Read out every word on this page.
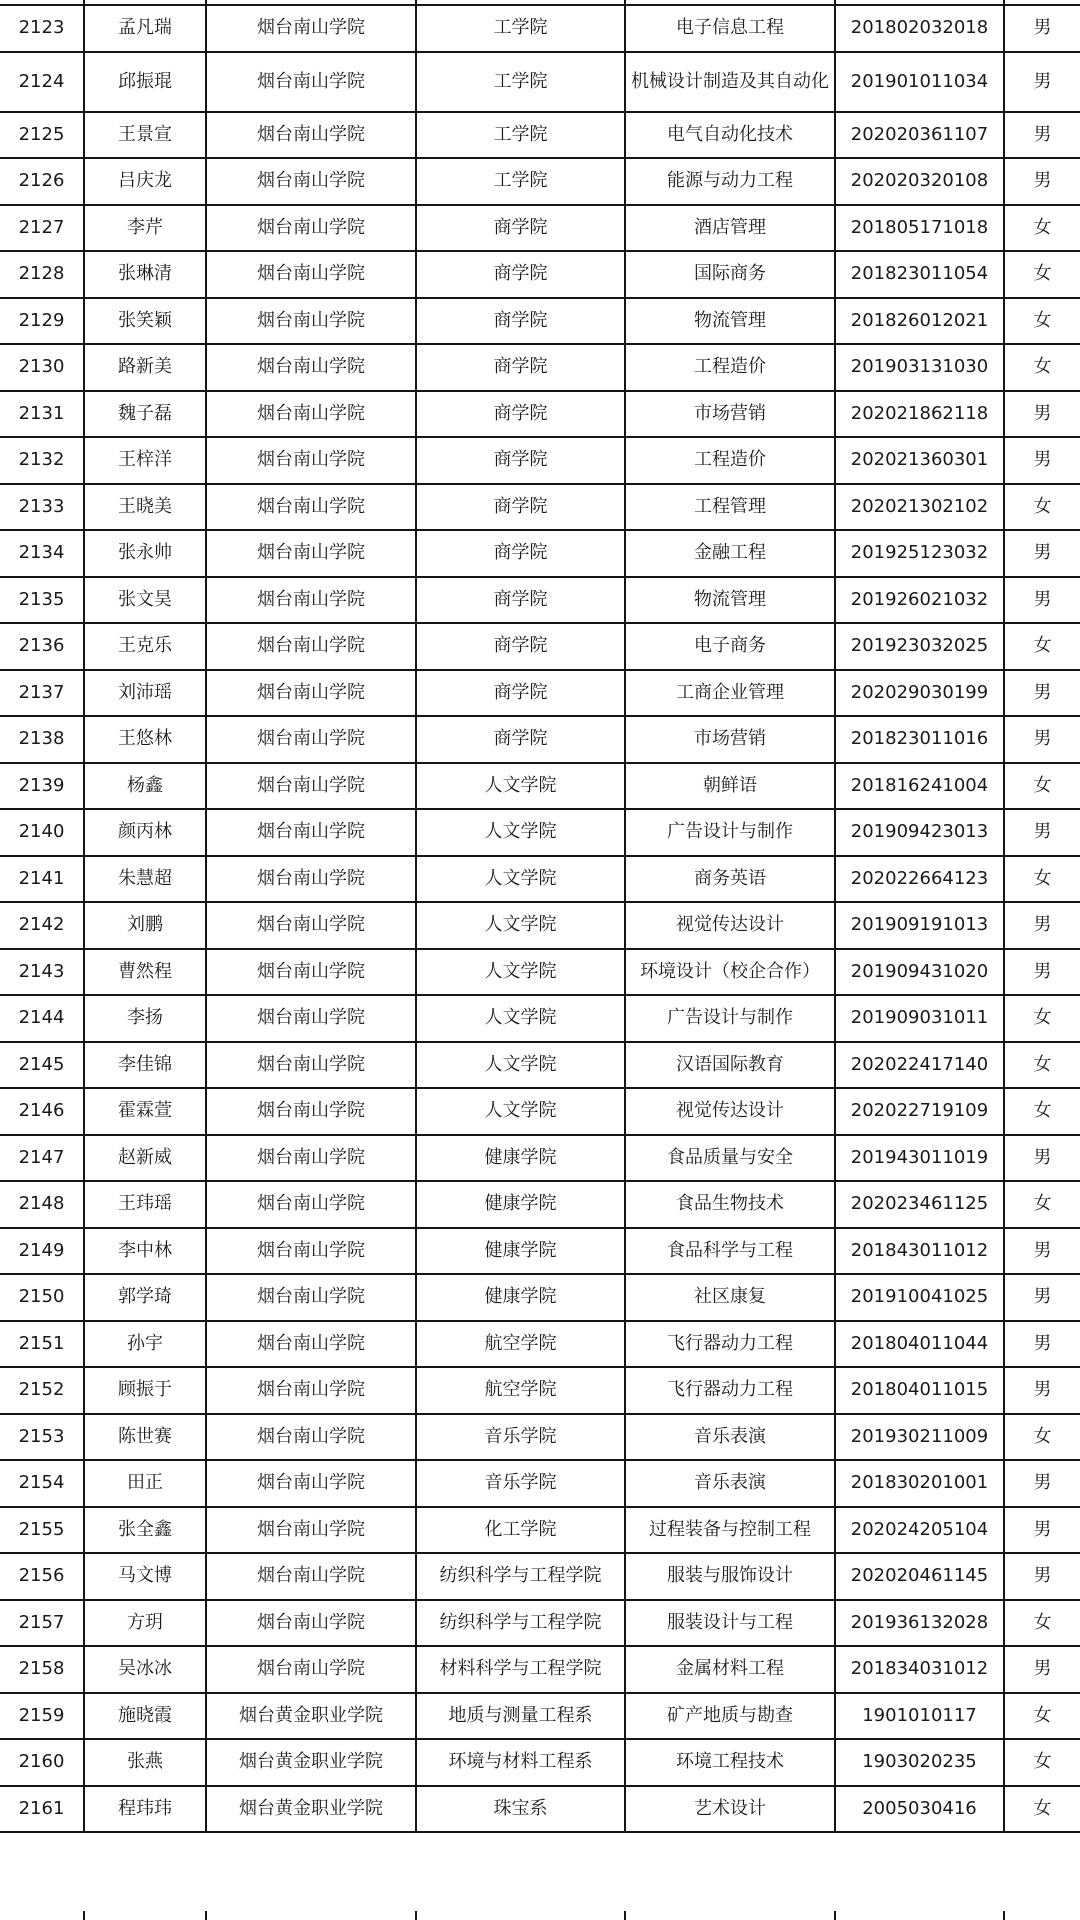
2123	孟凡瑞	烟台南山学院	工学院	电子信息工程	201802032018	男
2124	邱振琨	烟台南山学院	工学院	机械设计制造及其自动化	201901011034	男
2125	王景宣	烟台南山学院	工学院	电气自动化技术	202020361107	男
2126	吕庆龙	烟台南山学院	工学院	能源与动力工程	202020320108	男
2127	李芹	烟台南山学院	商学院	酒店管理	201805171018	女
2128	张琳清	烟台南山学院	商学院	国际商务	201823011054	女
2129	张笑颖	烟台南山学院	商学院	物流管理	201826012021	女
2130	路新美	烟台南山学院	商学院	工程造价	201903131030	女
2131	魏子磊	烟台南山学院	商学院	市场营销	202021862118	男
2132	王梓洋	烟台南山学院	商学院	工程造价	202021360301	男
2133	王晓美	烟台南山学院	商学院	工程管理	202021302102	女
2134	张永帅	烟台南山学院	商学院	金融工程	201925123032	男
2135	张文昊	烟台南山学院	商学院	物流管理	201926021032	男
2136	王克乐	烟台南山学院	商学院	电子商务	201923032025	女
2137	刘沛瑶	烟台南山学院	商学院	工商企业管理	202029030199	男
2138	王悠林	烟台南山学院	商学院	市场营销	201823011016	男
2139	杨鑫	烟台南山学院	人文学院	朝鲜语	201816241004	女
2140	颜丙林	烟台南山学院	人文学院	广告设计与制作	201909423013	男
2141	朱慧超	烟台南山学院	人文学院	商务英语	202022664123	女
2142	刘鹏	烟台南山学院	人文学院	视觉传达设计	201909191013	男
2143	曹然程	烟台南山学院	人文学院	环境设计（校企合作）	201909431020	男
2144	李扬	烟台南山学院	人文学院	广告设计与制作	201909031011	女
2145	李佳锦	烟台南山学院	人文学院	汉语国际教育	202022417140	女
2146	霍霖萱	烟台南山学院	人文学院	视觉传达设计	202022719109	女
2147	赵新威	烟台南山学院	健康学院	食品质量与安全	201943011019	男
2148	王玮瑶	烟台南山学院	健康学院	食品生物技术	202023461125	女
2149	李中林	烟台南山学院	健康学院	食品科学与工程	201843011012	男
2150	郭学琦	烟台南山学院	健康学院	社区康复	201910041025	男
2151	孙宇	烟台南山学院	航空学院	飞行器动力工程	201804011044	男
2152	顾振于	烟台南山学院	航空学院	飞行器动力工程	201804011015	男
2153	陈世赛	烟台南山学院	音乐学院	音乐表演	201930211009	女
2154	田正	烟台南山学院	音乐学院	音乐表演	201830201001	男
2155	张全鑫	烟台南山学院	化工学院	过程装备与控制工程	202024205104	男
2156	马文博	烟台南山学院	纺织科学与工程学院	服装与服饰设计	202020461145	男
2157	方玥	烟台南山学院	纺织科学与工程学院	服装设计与工程	201936132028	女
2158	吴冰冰	烟台南山学院	材料科学与工程学院	金属材料工程	201834031012	男
2159	施晓霞	烟台黄金职业学院	地质与测量工程系	矿产地质与勘查	1901010117	女
2160	张燕	烟台黄金职业学院	环境与材料工程系	环境工程技术	1903020235	女
2161	程玮玮	烟台黄金职业学院	珠宝系	艺术设计	2005030416	女
